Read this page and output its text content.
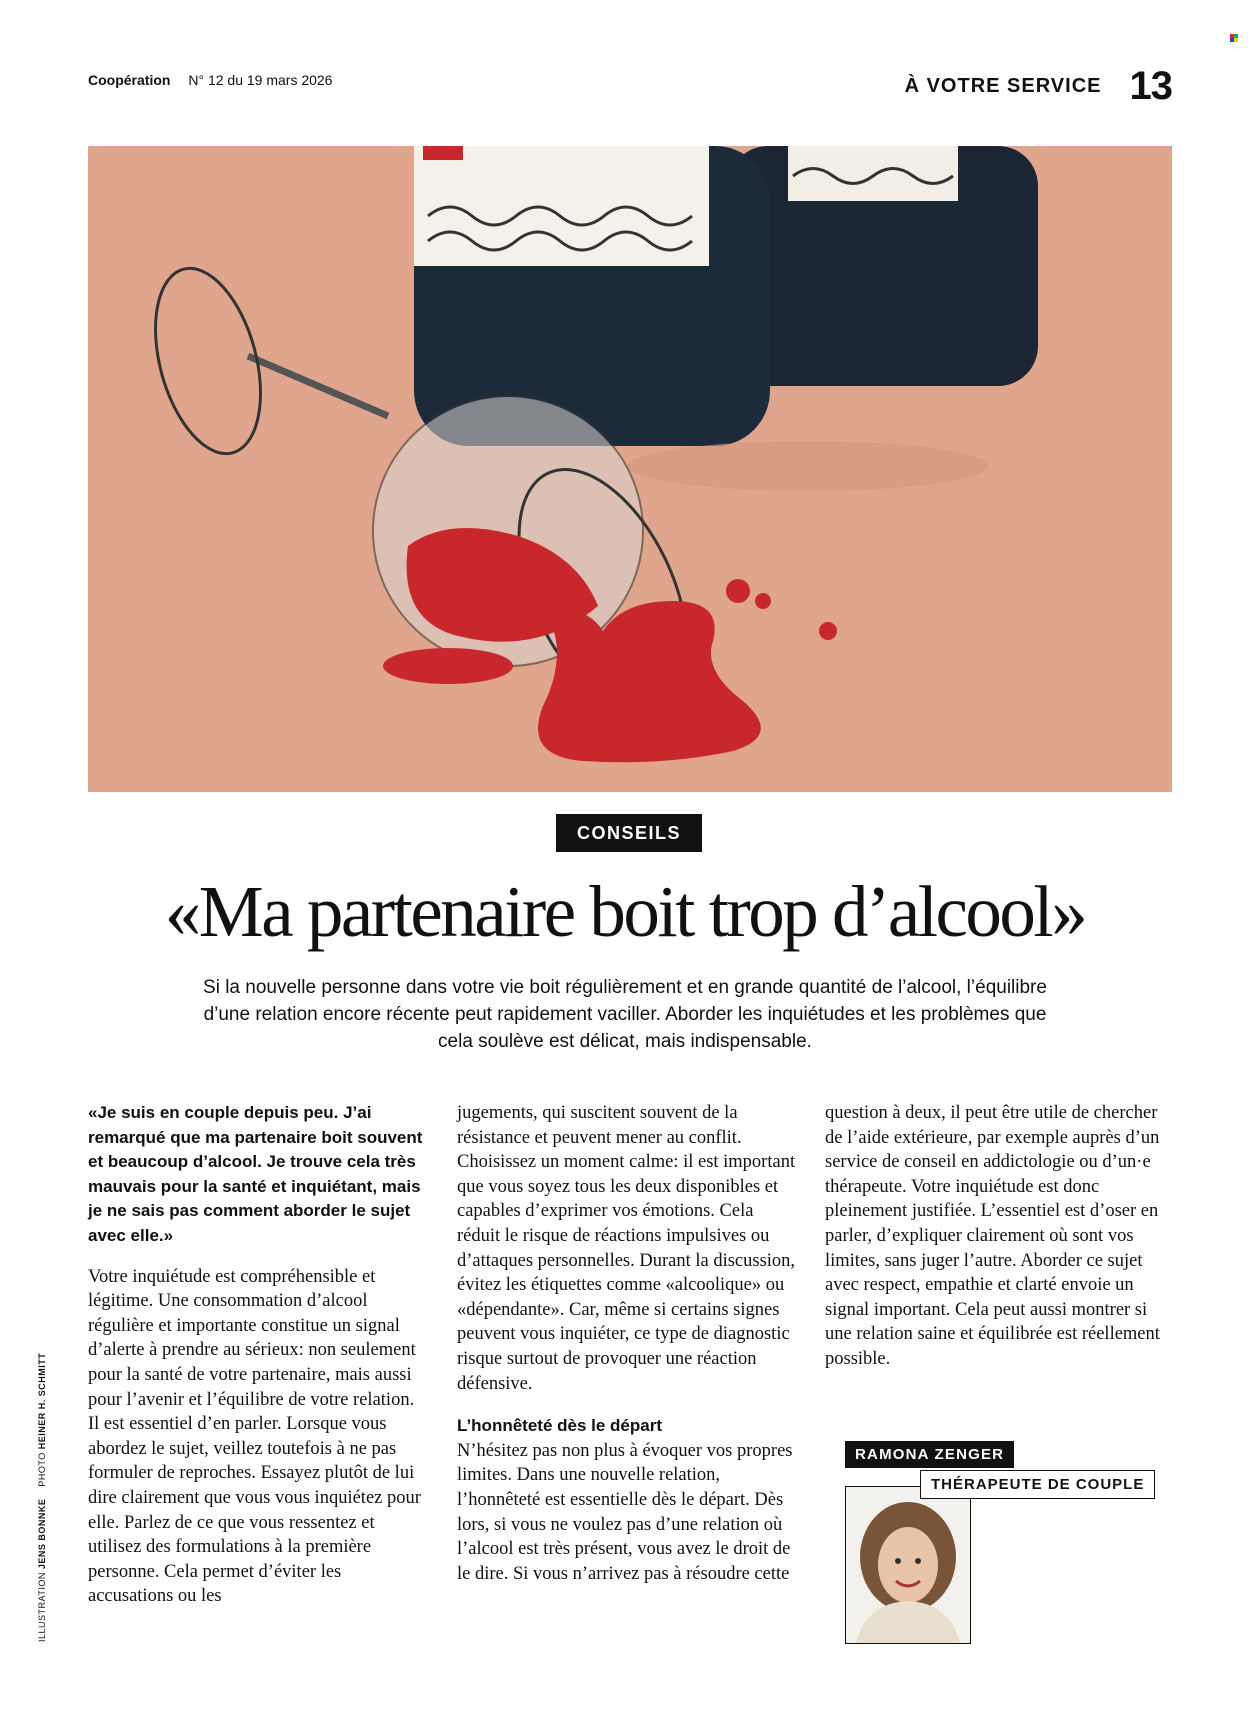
Coopération N° 12 du 19 mars 2026	À VOTRE SERVICE 13
CONSEILS
«Ma partenaire boit trop d’alcool»

Si la nouvelle personne dans votre vie boit régulièrement et en grande quantité de l’alcool, l’équilibre d’une relation encore récente peut rapidement vaciller. Aborder les inquiétudes et les problèmes que cela soulève est délicat, mais indispensable.

«Je suis en couple depuis peu. J’ai remarqué que ma partenaire boit souvent et beaucoup d’alcool. Je trouve cela très mauvais pour la santé et inquiétant, mais je ne sais pas comment aborder le sujet avec elle.»

Votre inquiétude est compréhensible et légitime. Une consommation d’alcool régulière et importante constitue un signal d’alerte à prendre au sérieux: non seulement pour la santé de votre partenaire, mais aussi pour l’avenir et l’équilibre de votre relation. Il est essentiel d’en parler. Lorsque vous abordez le sujet, veillez toutefois à ne pas formuler de reproches. Essayez plutôt de lui dire clairement que vous vous inquiétez pour elle. Parlez de ce que vous ressentez et utilisez des formulations à la première personne. Cela permet d’éviter les accusations ou les

jugements, qui suscitent souvent de la résistance et peuvent mener au conflit. Choisissez un moment calme: il est important que vous soyez tous les deux disponibles et capables d’exprimer vos émotions. Cela réduit le risque de réactions impulsives ou d’attaques personnelles. Durant la discussion, évitez les étiquettes comme «alcoolique» ou «dépendante». Car, même si certains signes peuvent vous inquiéter, ce type de diagnostic risque surtout de provoquer une réaction défensive.

L’honnêteté dès le départ

N’hésitez pas non plus à évoquer vos propres limites. Dans une nouvelle relation, l’honnêteté est essentielle dès le départ. Dès lors, si vous ne voulez pas d’une relation où l’alcool est très présent, vous avez le droit de le dire. Si vous n’arrivez pas à résoudre cette

question à deux, il peut être utile de chercher de l’aide extérieure, par exemple auprès d’un service de conseil en addictologie ou d’un·e thérapeute. Votre inquiétude est donc pleinement justifiée. L’essentiel est d’oser en parler, d’expliquer clairement où sont vos limites, sans juger l’autre. Aborder ce sujet avec respect, empathie et clarté envoie un signal important. Cela peut aussi montrer si une relation saine et équilibrée est réellement possible.

ILLUSTRATION JENS BONNKE    PHOTO HEINER H. SCHMITT
RAMONA ZENGER
THÉRAPEUTE DE COUPLE
